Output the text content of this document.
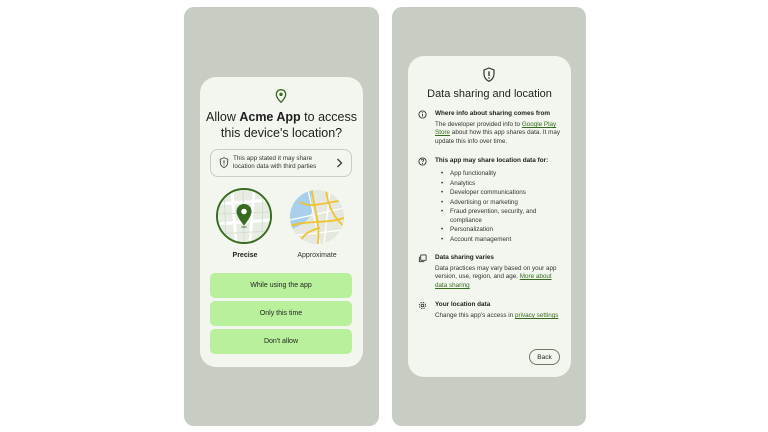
Allow Acme App to access this device's location?
This app stated it may share location data with third parties
Precise	Approximate
While using the app
Only this time
Don't allow
Data sharing and location
Where info about sharing comes from
The developer provided info to Google Play Store about how this app shares data. It may update this info over time.
This app may share location data for:
• App functionality
• Analytics
• Developer communications
• Advertising or marketing
• Fraud prevention, security, and compliance
• Personalization
• Account management
Data sharing varies
Data practices may vary based on your app version, use, region, and age. More about data sharing
Your location data
Change this app's access in privacy settings
Back
